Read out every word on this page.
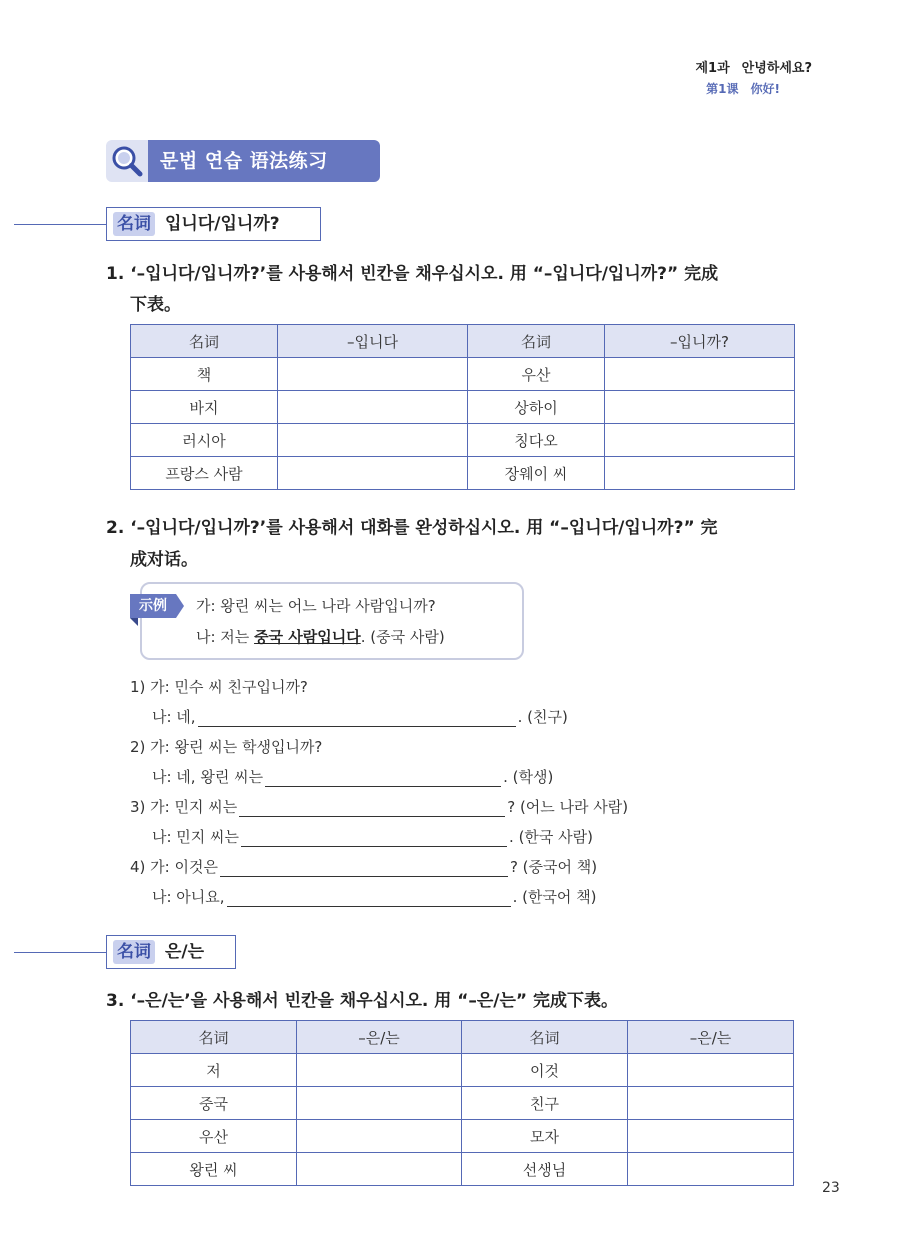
제1과 안녕하세요?
第1课 你好!
문법 연습 语法练习
名词 입니다/입니까?
1. ‘–입니다/입니까?’를 사용해서 빈칸을 채우십시오. 用 “–입니다/입니까?” 完成
下表。
名词	–입니다	名词	–입니까?
책		우산	
바지		상하이	
러시아		칭다오	
프랑스 사람		장웨이 씨	
2. ‘–입니다/입니까?’를 사용해서 대화를 완성하십시오. 用 “–입니다/입니까?” 完
成对话。
示例	가: 왕린 씨는 어느 나라 사람입니까?
나: 저는 중국 사람입니다. (중국 사람)
1) 가: 민수 씨 친구입니까?
나: 네,	. (친구)
2) 가: 왕린 씨는 학생입니까?
나: 네, 왕린 씨는	. (학생)
3) 가: 민지 씨는	? (어느 나라 사람)
나: 민지 씨는	. (한국 사람)
4) 가: 이것은	? (중국어 책)
나: 아니요,	. (한국어 책)
名词 은/는
3. ‘–은/는’을 사용해서 빈칸을 채우십시오. 用 “–은/는” 完成下表。
名词	–은/는	名词	–은/는
저		이것	
중국		친구	
우산		모자	
왕린 씨		선생님	
23
